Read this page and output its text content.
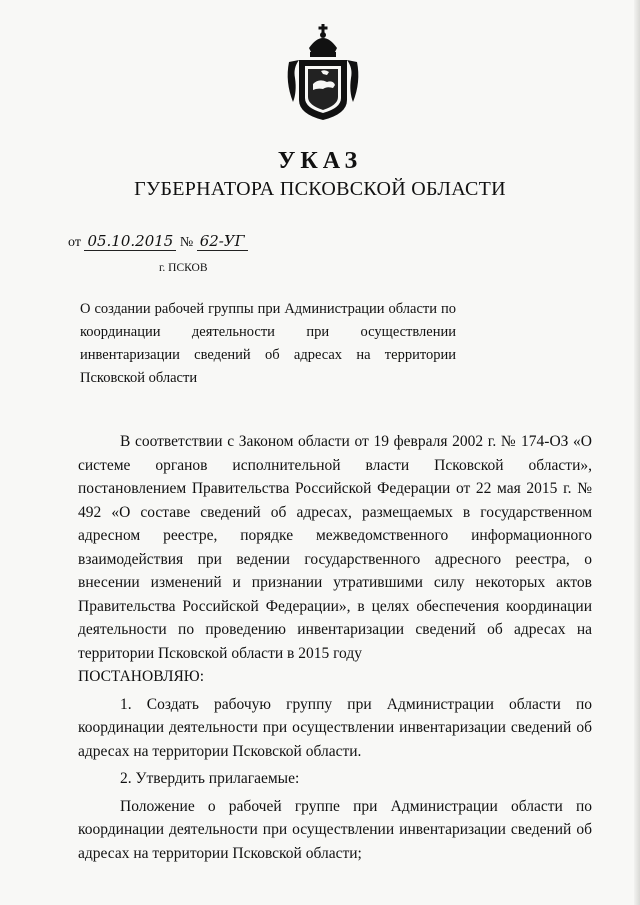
УКАЗ
ГУБЕРНАТОРА ПСКОВСКОЙ ОБЛАСТИ
от 05.10.2015 № 62-УГ
г. ПСКОВ
О создании рабочей группы при Администрации области по координации деятельности при осуществлении инвентаризации сведений об адресах на территории Псковской области

В соответствии с Законом области от 19 февраля 2002 г. № 174-ОЗ «О системе органов исполнительной власти Псковской области», постановлением Правительства Российской Федерации от 22 мая 2015 г. № 492 «О составе сведений об адресах, размещаемых в государственном адресном реестре, порядке межведомственного информационного взаимодействия при ведении государственного адресного реестра, о внесении изменений и признании утратившими силу некоторых актов Правительства Российской Федерации», в целях обеспечения координации деятельности по проведению инвентаризации сведений об адресах на территории Псковской области в 2015 году

ПОСТАНОВЛЯЮ:

1. Создать рабочую группу при Администрации области по координации деятельности при осуществлении инвентаризации сведений об адресах на территории Псковской области.

2. Утвердить прилагаемые:

Положение о рабочей группе при Администрации области по координации деятельности при осуществлении инвентаризации сведений об адресах на территории Псковской области;
